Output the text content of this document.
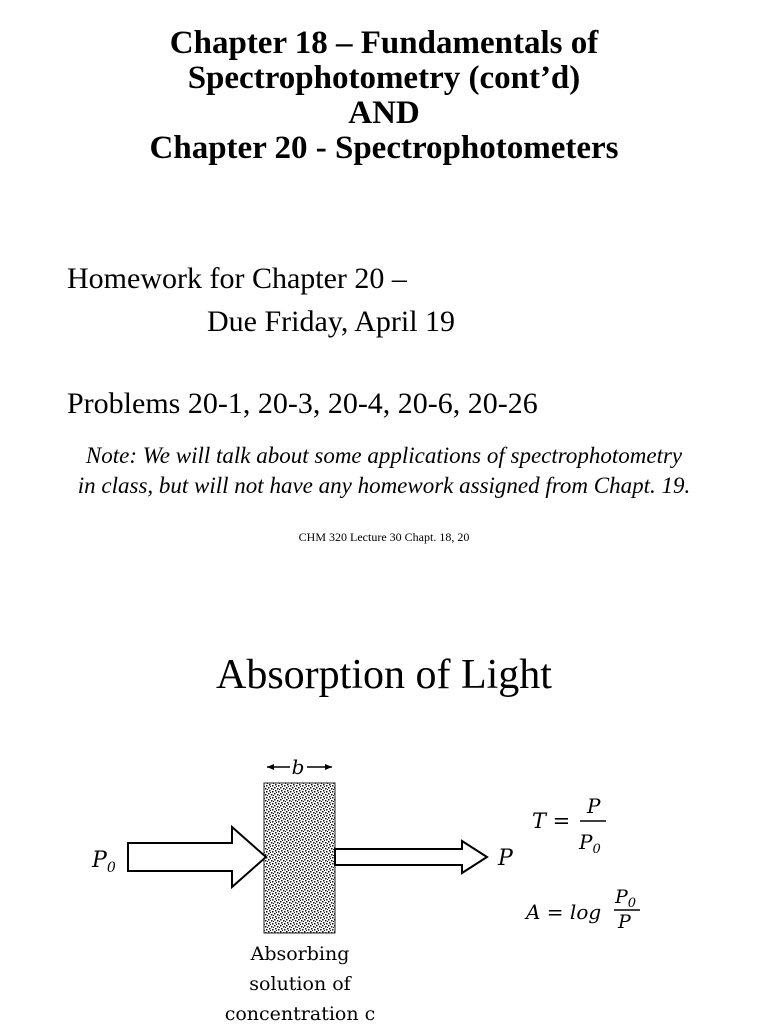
Chapter 18 – Fundamentals of
Spectrophotometry (cont’d)
AND
Chapter 20 - Spectrophotometers
Homework for Chapter 20 –
Due Friday, April 19
Problems 20-1, 20-3, 20-4, 20-6, 20-26
Note: We will talk about some applications of spectrophotometry
in class, but will not have any homework assigned from Chapt. 19.
CHM 320 Lecture 30 Chapt. 18, 20
Absorption of Light
b
$P_0$	P
T =
P
$P_0$
A = log
$P_0$
P
Absorbing
solution of
concentration c
